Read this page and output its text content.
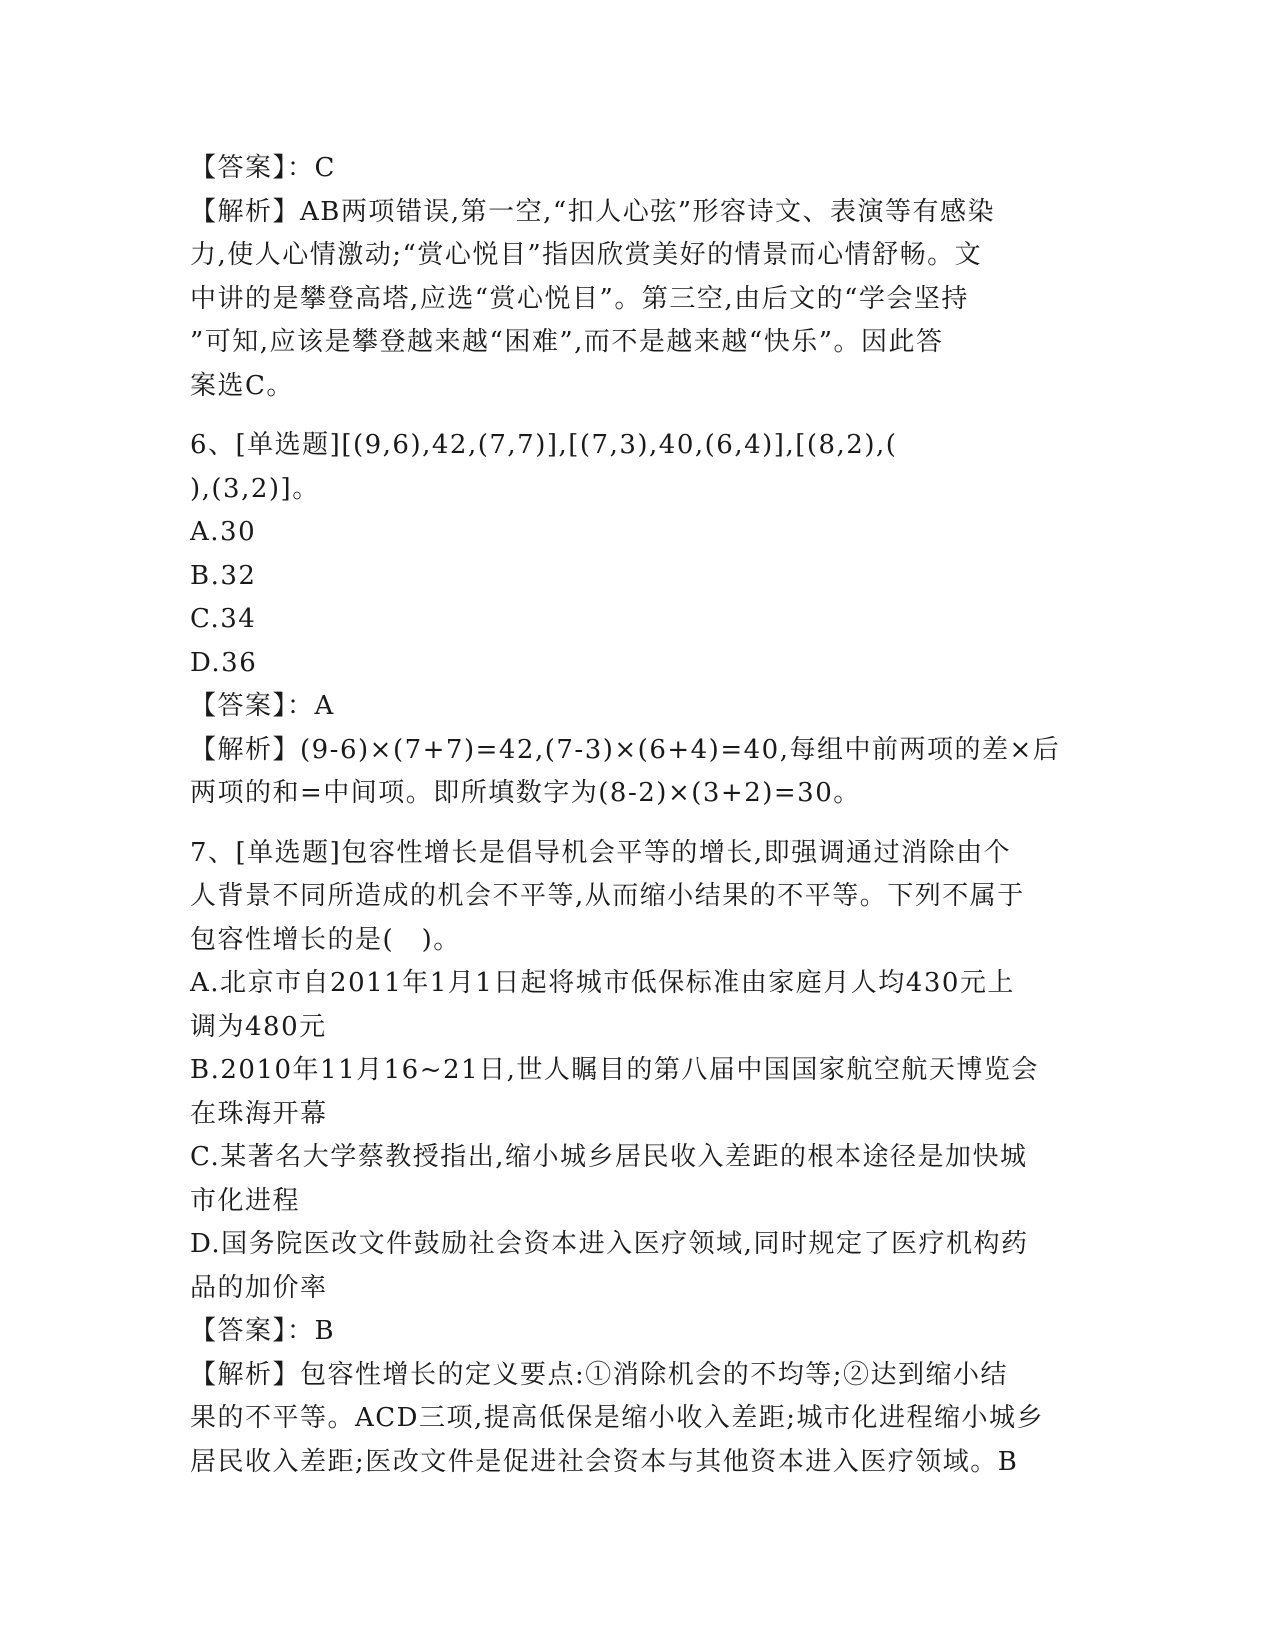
【答案】：C

【解析】AB两项错误,第一空,“扣人心弦”形容诗文、表演等有感染

力,使人心情激动;“赏心悦目”指因欣赏美好的情景而心情舒畅。文

中讲的是攀登高塔,应选“赏心悦目”。第三空,由后文的“学会坚持

”可知,应该是攀登越来越“困难”,而不是越来越“快乐”。因此答

案选C。

6、[单选题][(9,6),42,(7,7)],[(7,3),40,(6,4)],[(8,2),(

),(3,2)]。

A.30

B.32

C.34

D.36

【答案】：A

【解析】(9-6)×(7+7)=42,(7-3)×(6+4)=40,每组中前两项的差×后

两项的和=中间项。即所填数字为(8-2)×(3+2)=30。

7、[单选题]包容性增长是倡导机会平等的增长,即强调通过消除由个

人背景不同所造成的机会不平等,从而缩小结果的不平等。下列不属于

包容性增长的是(　)。

A.北京市自2011年1月1日起将城市低保标准由家庭月人均430元上

调为480元

B.2010年11月16~21日,世人瞩目的第八届中国国家航空航天博览会

在珠海开幕

C.某著名大学蔡教授指出,缩小城乡居民收入差距的根本途径是加快城

市化进程

D.国务院医改文件鼓励社会资本进入医疗领域,同时规定了医疗机构药

品的加价率

【答案】：B

【解析】包容性增长的定义要点:①消除机会的不均等;②达到缩小结

果的不平等。ACD三项,提高低保是缩小收入差距;城市化进程缩小城乡

居民收入差距;医改文件是促进社会资本与其他资本进入医疗领域。B
